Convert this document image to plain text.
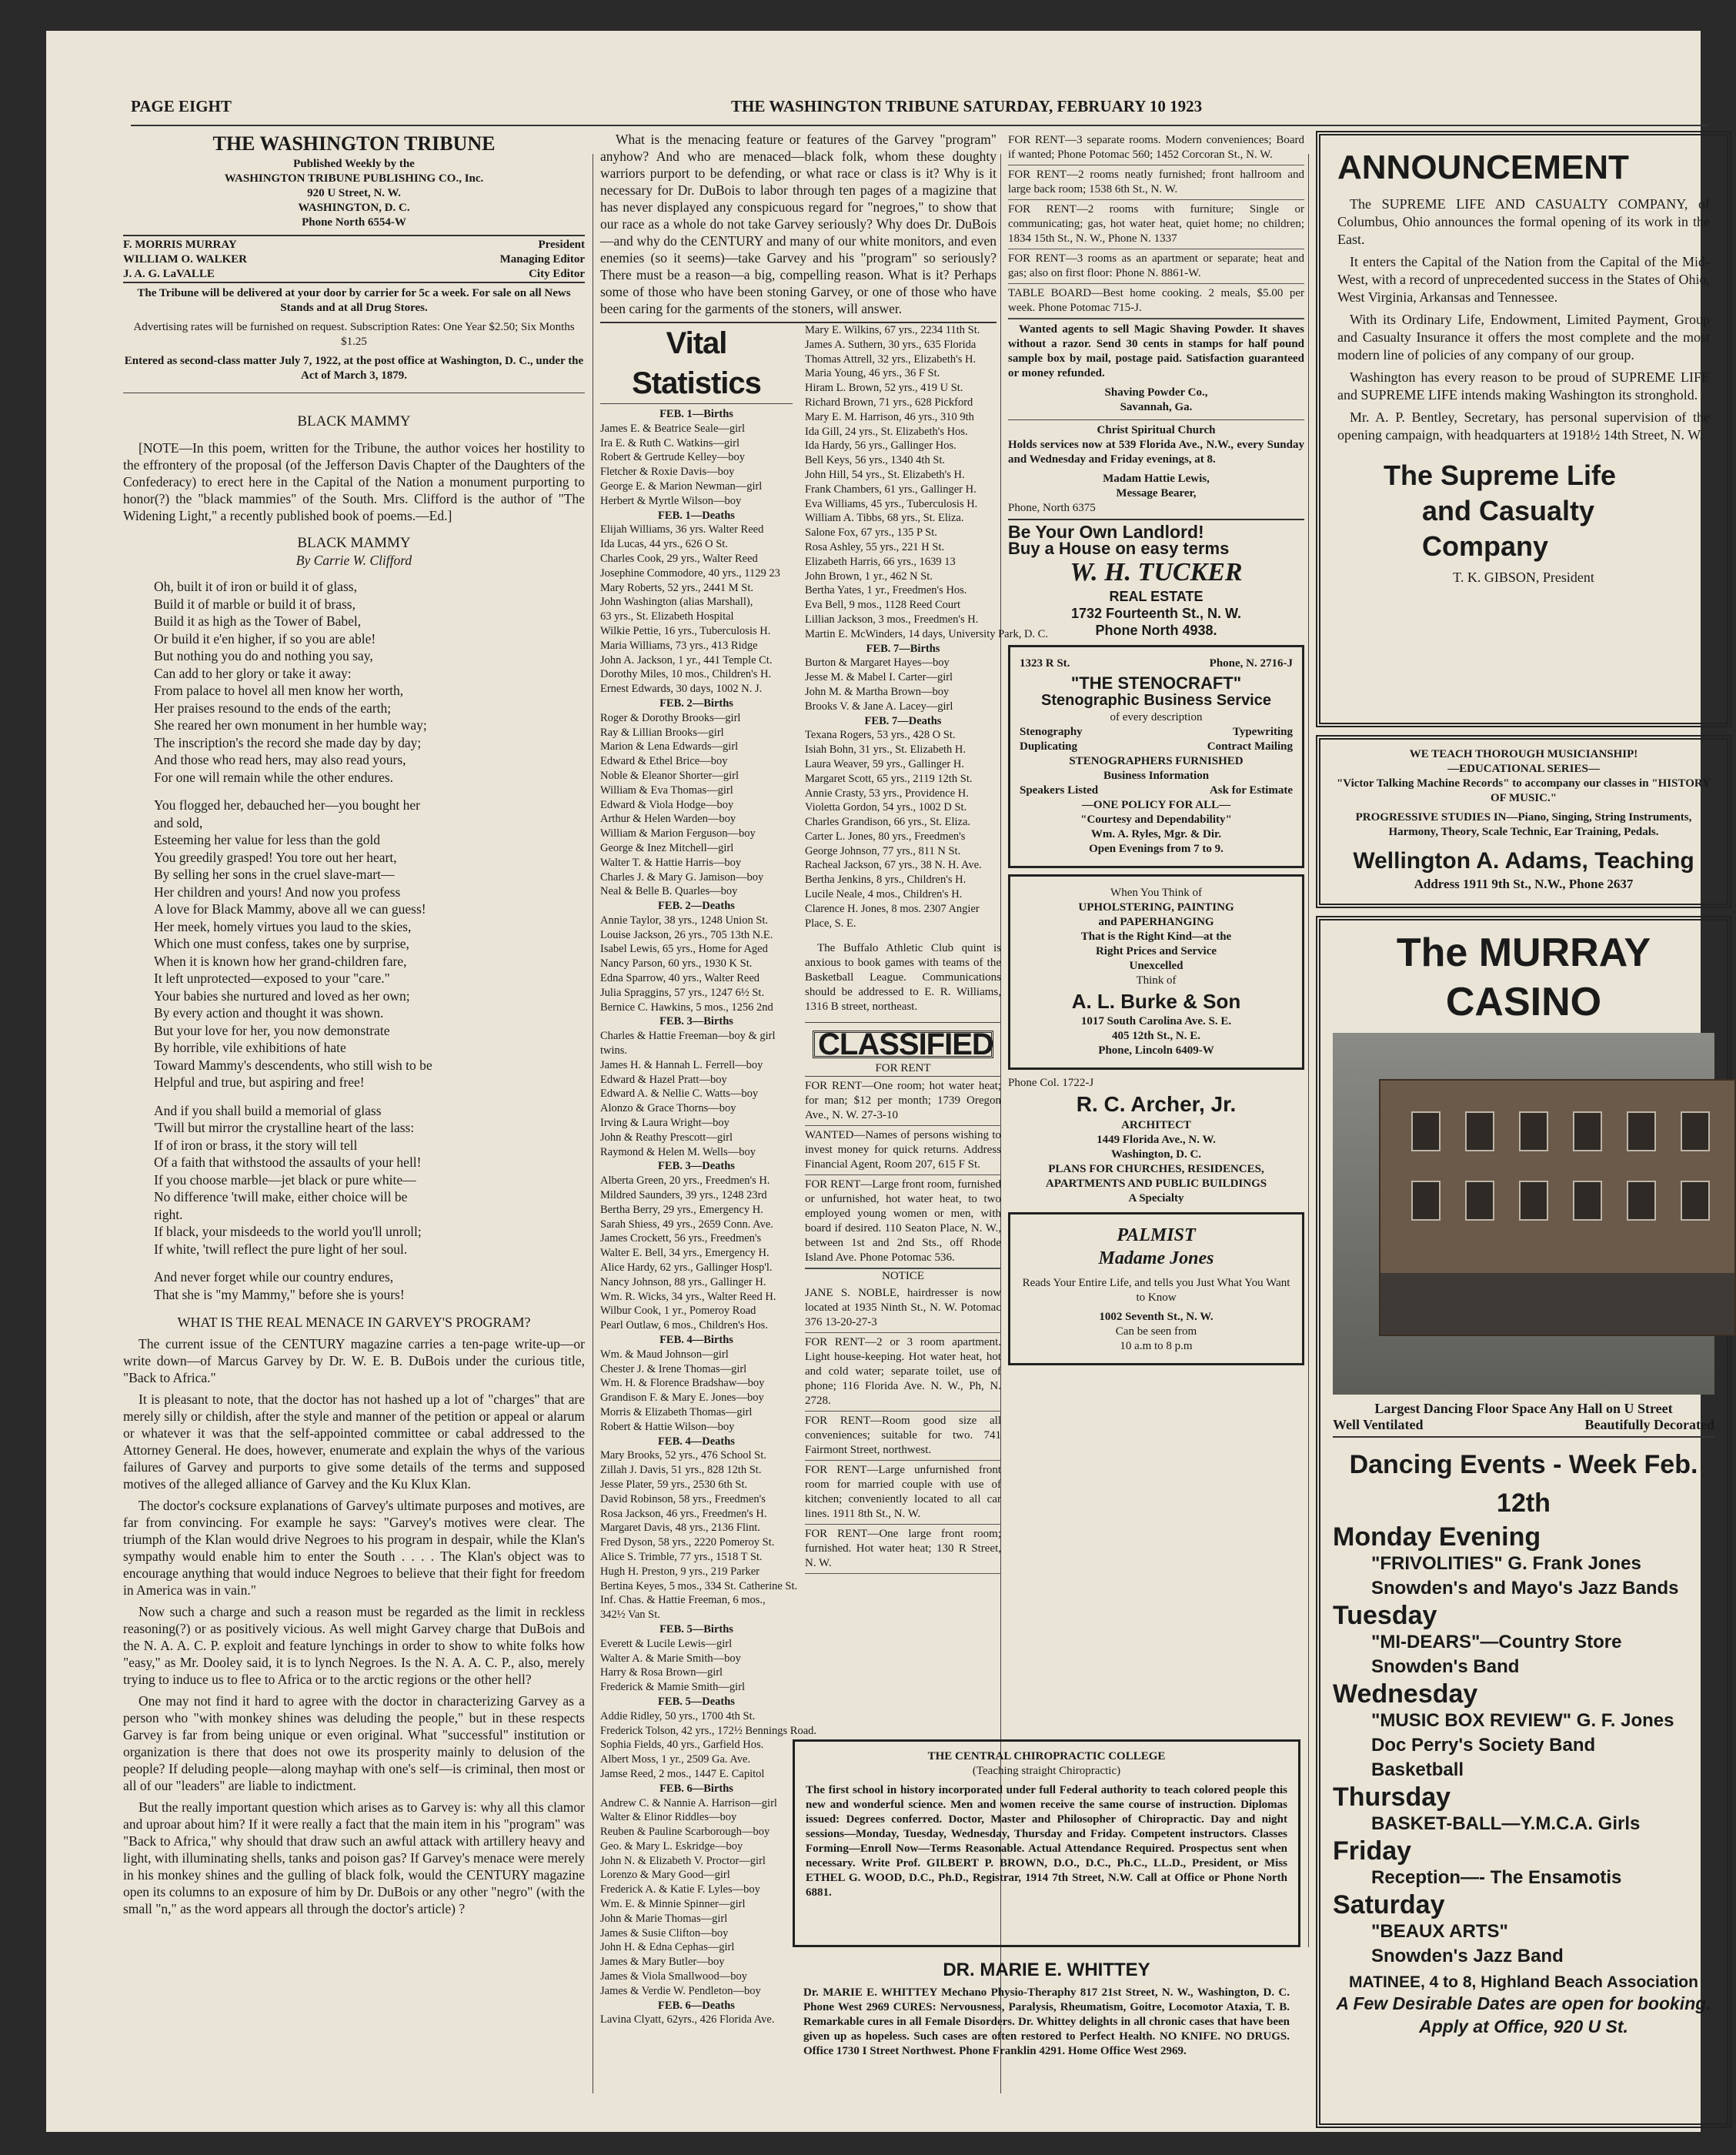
PAGE EIGHT	THE WASHINGTON TRIBUNE SATURDAY, FEBRUARY 10 1923
THE WASHINGTON TRIBUNE
Published Weekly by the
WASHINGTON TRIBUNE PUBLISHING CO., Inc.
920 U Street, N. W.
WASHINGTON, D. C.
Phone North 6554-W
F. MORRIS MURRAY	President
WILLIAM O. WALKER	Managing Editor
J. A. G. LaVALLE	City Editor

The Tribune will be delivered at your door by carrier for 5c a week. For sale on all News Stands and at all Drug Stores.

Advertising rates will be furnished on request. Subscription Rates: One Year $2.50; Six Months $1.25

Entered as second-class matter July 7, 1922, at the post office at Washington, D. C., under the Act of March 3, 1879.

BLACK MAMMY

[NOTE—In this poem, written for the Tribune, the author voices her hostility to the effrontery of the proposal (of the Jefferson Davis Chapter of the Daughters of the Confederacy) to erect here in the Capital of the Nation a monument purporting to honor(?) the "black mammies" of the South. Mrs. Clifford is the author of "The Widening Light," a recently published book of poems.—Ed.]

BLACK MAMMY
By Carrie W. Clifford
Oh, built it of iron or build it of glass,
Build it of marble or build it of brass,
Build it as high as the Tower of Babel,
Or build it e'en higher, if so you are able!
But nothing you do and nothing you say,
Can add to her glory or take it away:
From palace to hovel all men know her worth,
Her praises resound to the ends of the earth;
She reared her own monument in her humble way;
The inscription's the record she made day by day;
And those who read hers, may also read yours,
For one will remain while the other endures.
You flogged her, debauched her—you bought her
and sold,
Esteeming her value for less than the gold
You greedily grasped! You tore out her heart,
By selling her sons in the cruel slave-mart—
Her children and yours! And now you profess
A love for Black Mammy, above all we can guess!
Her meek, homely virtues you laud to the skies,
Which one must confess, takes one by surprise,
When it is known how her grand-children fare,
It left unprotected—exposed to your "care."
Your babies she nurtured and loved as her own;
By every action and thought it was shown.
But your love for her, you now demonstrate
By horrible, vile exhibitions of hate
Toward Mammy's descendents, who still wish to be
Helpful and true, but aspiring and free!
And if you shall build a memorial of glass
'Twill but mirror the crystalline heart of the lass:
If of iron or brass, it the story will tell
Of a faith that withstood the assaults of your hell!
If you choose marble—jet black or pure white—
No difference 'twill make, either choice will be
right.
If black, your misdeeds to the world you'll unroll;
If white, 'twill reflect the pure light of her soul.
And never forget while our country endures,
That she is "my Mammy," before she is yours!
WHAT IS THE REAL MENACE IN GARVEY'S PROGRAM?

The current issue of the CENTURY magazine carries a ten-page write-up—or write down—of Marcus Garvey by Dr. W. E. B. DuBois under the curious title, "Back to Africa."

It is pleasant to note, that the doctor has not hashed up a lot of "charges" that are merely silly or childish, after the style and manner of the petition or appeal or alarum or whatever it was that the self-appointed committee or cabal addressed to the Attorney General. He does, however, enumerate and explain the whys of the various failures of Garvey and purports to give some details of the terms and supposed motives of the alleged alliance of Garvey and the Ku Klux Klan.

The doctor's cocksure explanations of Garvey's ultimate purposes and motives, are far from convincing. For example he says: "Garvey's motives were clear. The triumph of the Klan would drive Negroes to his program in despair, while the Klan's sympathy would enable him to enter the South . . . . The Klan's object was to encourage anything that would induce Negroes to believe that their fight for freedom in America was in vain."

Now such a charge and such a reason must be regarded as the limit in reckless reasoning(?) or as positively vicious. As well might Garvey charge that DuBois and the N. A. A. C. P. exploit and feature lynchings in order to show to white folks how "easy," as Mr. Dooley said, it is to lynch Negroes. Is the N. A. A. C. P., also, merely trying to induce us to flee to Africa or to the arctic regions or the other hell?

One may not find it hard to agree with the doctor in characterizing Garvey as a person who "with monkey shines was deluding the people," but in these respects Garvey is far from being unique or even original. What "successful" institution or organization is there that does not owe its prosperity mainly to delusion of the people? If deluding people—along mayhap with one's self—is criminal, then most or all of our "leaders" are liable to indictment.

But the really important question which arises as to Garvey is: why all this clamor and uproar about him? If it were really a fact that the main item in his "program" was "Back to Africa," why should that draw such an awful attack with artillery heavy and light, with illuminating shells, tanks and poison gas? If Garvey's menace were merely in his monkey shines and the gulling of black folk, would the CENTURY magazine open its columns to an exposure of him by Dr. DuBois or any other "negro" (with the small "n," as the word appears all through the doctor's article) ?

What is the menacing feature or features of the Garvey "program" anyhow? And who are menaced—black folk, whom these doughty warriors purport to be defending, or what race or class is it? Why is it necessary for Dr. DuBois to labor through ten pages of a magizine that has never displayed any conspicuous regard for "negroes," to show that our race as a whole do not take Garvey seriously? Why does Dr. DuBois—and why do the CENTURY and many of our white monitors, and even enemies (so it seems)—take Garvey and his "program" so seriously? There must be a reason—a big, compelling reason. What is it? Perhaps some of those who have been stoning Garvey, or one of those who have been caring for the garments of the stoners, will answer.

Vital Statistics
FEB. 1—Births
James E. & Beatrice Seale—girl
Ira E. & Ruth C. Watkins—girl
Robert & Gertrude Kelley—boy
Fletcher & Roxie Davis—boy
George E. & Marion Newman—girl
Herbert & Myrtle Wilson—boy
FEB. 1—Deaths
Elijah Williams, 36 yrs. Walter Reed
Ida Lucas, 44 yrs., 626 O St.
Charles Cook, 29 yrs., Walter Reed
Josephine Commodore, 40 yrs., 1129 23
Mary Roberts, 52 yrs., 2441 M St.
John Washington (alias Marshall),
63 yrs., St. Elizabeth Hospital
Wilkie Pettie, 16 yrs., Tuberculosis H.
Maria Williams, 73 yrs., 413 Ridge
John A. Jackson, 1 yr., 441 Temple Ct.
Dorothy Miles, 10 mos., Children's H.
Ernest Edwards, 30 days, 1002 N. J.
FEB. 2—Births
Roger & Dorothy Brooks—girl
Ray & Lillian Brooks—girl
Marion & Lena Edwards—girl
Edward & Ethel Brice—boy
Noble & Eleanor Shorter—girl
William & Eva Thomas—girl
Edward & Viola Hodge—boy
Arthur & Helen Warden—boy
William & Marion Ferguson—boy
George & Inez Mitchell—girl
Walter T. & Hattie Harris—boy
Charles J. & Mary G. Jamison—boy
Neal & Belle B. Quarles—boy
FEB. 2—Deaths
Annie Taylor, 38 yrs., 1248 Union St.
Louise Jackson, 26 yrs., 705 13th N.E.
Isabel Lewis, 65 yrs., Home for Aged
Nancy Parson, 60 yrs., 1930 K St.
Edna Sparrow, 40 yrs., Walter Reed
Julia Spraggins, 57 yrs., 1247 6½ St.
Bernice C. Hawkins, 5 mos., 1256 2nd
FEB. 3—Births
Charles & Hattie Freeman—boy & girl
twins.
James H. & Hannah L. Ferrell—boy
Edward & Hazel Pratt—boy
Edward A. & Nellie C. Watts—boy
Alonzo & Grace Thorns—boy
Irving & Laura Wright—boy
John & Reathy Prescott—girl
Raymond & Helen M. Wells—boy
FEB. 3—Deaths
Alberta Green, 20 yrs., Freedmen's H.
Mildred Saunders, 39 yrs., 1248 23rd
Bertha Berry, 29 yrs., Emergency H.
Sarah Shiess, 49 yrs., 2659 Conn. Ave.
James Crockett, 56 yrs., Freedmen's
Walter E. Bell, 34 yrs., Emergency H.
Alice Hardy, 62 yrs., Gallinger Hosp'l.
Nancy Johnson, 88 yrs., Gallinger H.
Wm. R. Wicks, 34 yrs., Walter Reed H.
Wilbur Cook, 1 yr., Pomeroy Road
Pearl Outlaw, 6 mos., Children's Hos.
FEB. 4—Births
Wm. & Maud Johnson—girl
Chester J. & Irene Thomas—girl
Wm. H. & Florence Bradshaw—boy
Grandison F. & Mary E. Jones—boy
Morris & Elizabeth Thomas—girl
Robert & Hattie Wilson—boy
FEB. 4—Deaths
Mary Brooks, 52 yrs., 476 School St.
Zillah J. Davis, 51 yrs., 828 12th St.
Jesse Plater, 59 yrs., 2530 6th St.
David Robinson, 58 yrs., Freedmen's
Rosa Jackson, 46 yrs., Freedmen's H.
Margaret Davis, 48 yrs., 2136 Flint.
Fred Dyson, 58 yrs., 2220 Pomeroy St.
Alice S. Trimble, 77 yrs., 1518 T St.
Hugh H. Preston, 9 yrs., 219 Parker
Bertina Keyes, 5 mos., 334 St. Catherine St.
Inf. Chas. & Hattie Freeman, 6 mos.,
342½ Van St.
FEB. 5—Births
Everett & Lucile Lewis—girl
Walter A. & Marie Smith—boy
Harry & Rosa Brown—girl
Frederick & Mamie Smith—girl
FEB. 5—Deaths
Addie Ridley, 50 yrs., 1700 4th St.
Frederick Tolson, 42 yrs., 172½ Bennings Road.
Sophia Fields, 40 yrs., Garfield Hos.
Albert Moss, 1 yr., 2509 Ga. Ave.
Jamse Reed, 2 mos., 1447 E. Capitol
FEB. 6—Births
Andrew C. & Nannie A. Harrison—girl
Walter & Elinor Riddles—boy
Reuben & Pauline Scarborough—boy
Geo. & Mary L. Eskridge—boy
John N. & Elizabeth V. Proctor—girl
Lorenzo & Mary Good—girl
Frederick A. & Katie F. Lyles—boy
Wm. E. & Minnie Spinner—girl
John & Marie Thomas—girl
James & Susie Clifton—boy
John H. & Edna Cephas—girl
James & Mary Butler—boy
James & Viola Smallwood—boy
James & Verdie W. Pendleton—boy
FEB. 6—Deaths
Lavina Clyatt, 62yrs., 426 Florida Ave.
Mary E. Wilkins, 67 yrs., 2234 11th St.
James A. Suthern, 30 yrs., 635 Florida
Thomas Attrell, 32 yrs., Elizabeth's H.
Maria Young, 46 yrs., 36 F St.
Hiram L. Brown, 52 yrs., 419 U St.
Richard Brown, 71 yrs., 628 Pickford
Mary E. M. Harrison, 46 yrs., 310 9th
Ida Gill, 24 yrs., St. Elizabeth's Hos.
Ida Hardy, 56 yrs., Gallinger Hos.
Bell Keys, 56 yrs., 1340 4th St.
John Hill, 54 yrs., St. Elizabeth's H.
Frank Chambers, 61 yrs., Gallinger H.
Eva Williams, 45 yrs., Tuberculosis H.
William A. Tibbs, 68 yrs., St. Eliza.
Salone Fox, 67 yrs., 135 P St.
Rosa Ashley, 55 yrs., 221 H St.
Elizabeth Harris, 66 yrs., 1639 13
John Brown, 1 yr., 462 N St.
Bertha Yates, 1 yr., Freedmen's Hos.
Eva Bell, 9 mos., 1128 Reed Court
Lillian Jackson, 3 mos., Freedmen's H.
Martin E. McWinders, 14 days, University Park, D. C.
FEB. 7—Births
Burton & Margaret Hayes—boy
Jesse M. & Mabel I. Carter—girl
John M. & Martha Brown—boy
Brooks V. & Jane A. Lacey—girl
FEB. 7—Deaths
Texana Rogers, 53 yrs., 428 O St.
Isiah Bohn, 31 yrs., St. Elizabeth H.
Laura Weaver, 59 yrs., Gallinger H.
Margaret Scott, 65 yrs., 2119 12th St.
Annie Crasty, 53 yrs., Providence H.
Violetta Gordon, 54 yrs., 1002 D St.
Charles Grandison, 66 yrs., St. Eliza.
Carter L. Jones, 80 yrs., Freedmen's
George Johnson, 77 yrs., 811 N St.
Racheal Jackson, 67 yrs., 38 N. H. Ave.
Bertha Jenkins, 8 yrs., Children's H.
Lucile Neale, 4 mos., Children's H.
Clarence H. Jones, 8 mos. 2307 Angier
Place, S. E.

The Buffalo Athletic Club quint is anxious to book games with teams of the Basketball League. Communications should be addressed to E. R. Williams, 1316 B street, northeast.

CLASSIFIED
FOR RENT

FOR RENT—One room; hot water heat; for man; $12 per month; 1739 Oregon Ave., N. W. 27-3-10

WANTED—Names of persons wishing to invest money for quick returns. Address Financial Agent, Room 207, 615 F St.

FOR RENT—Large front room, furnished or unfurnished, hot water heat, to two employed young women or men, with board if desired. 110 Seaton Place, N. W., between 1st and 2nd Sts., off Rhode Island Ave. Phone Potomac 536.

NOTICE

JANE S. NOBLE, hairdresser is now located at 1935 Ninth St., N. W. Potomac 376 13-20-27-3

FOR RENT—2 or 3 room apartment. Light house-keeping. Hot water heat, hot and cold water; separate toilet, use of phone; 116 Florida Ave. N. W., Ph, N. 2728.

FOR RENT—Room good size all conveniences; suitable for two. 741 Fairmont Street, northwest.

FOR RENT—Large unfurnished front room for married couple with use of kitchen; conveniently located to all car lines. 1911 8th St., N. W.

FOR RENT—One large front room; furnished. Hot water heat; 130 R Street, N. W.

FOR RENT—3 separate rooms. Modern conveniences; Board if wanted; Phone Potomac 560; 1452 Corcoran St., N. W.

FOR RENT—2 rooms neatly furnished; front hallroom and large back room; 1538 6th St., N. W.

FOR RENT—2 rooms with furniture; Single or communicating; gas, hot water heat, quiet home; no children; 1834 15th St., N. W., Phone N. 1337

FOR RENT—3 rooms as an apartment or separate; heat and gas; also on first floor: Phone N. 8861-W.

TABLE BOARD—Best home cooking. 2 meals, $5.00 per week. Phone Potomac 715-J.

Wanted agents to sell Magic Shaving Powder. It shaves without a razor. Send 30 cents in stamps for half pound sample box by mail, postage paid. Satisfaction guaranteed or money refunded.

Shaving Powder Co.,
Savannah, Ga.
Christ Spiritual Church

Holds services now at 539 Florida Ave., N.W., every Sunday and Wednesday and Friday evenings, at 8.

Madam Hattie Lewis,
Message Bearer,
Phone, North 6375
Be Your Own Landlord!
Buy a House on easy terms
W. H. TUCKER
REAL ESTATE
1732 Fourteenth St., N. W.
Phone North 4938.
1323 R St.	Phone, N. 2716-J
"THE STENOCRAFT"
Stenographic Business Service
of every description
Stenography	Typewriting
Duplicating	Contract Mailing
STENOGRAPHERS FURNISHED
Business Information
Speakers Listed	Ask for Estimate
—ONE POLICY FOR ALL—
"Courtesy and Dependability"
Wm. A. Ryles, Mgr. & Dir.
Open Evenings from 7 to 9.
When You Think of
UPHOLSTERING, PAINTING
and PAPERHANGING
That is the Right Kind—at the
Right Prices and Service
Unexcelled
Think of
A. L. Burke & Son
1017 South Carolina Ave. S. E.
405 12th St., N. E.
Phone, Lincoln 6409-W
Phone Col. 1722-J
R. C. Archer, Jr.
ARCHITECT
1449 Florida Ave., N. W.
Washington, D. C.
PLANS FOR CHURCHES, RESIDENCES, APARTMENTS AND PUBLIC BUILDINGS
A Specialty
PALMIST
Madame Jones

Reads Your Entire Life, and tells you Just What You Want to Know

1002 Seventh St., N. W.
Can be seen from
10 a.m to 8 p.m
THE CENTRAL CHIROPRACTIC COLLEGE
(Teaching straight Chiropractic)

The first school in history incorporated under full Federal authority to teach colored people this new and wonderful science. Men and women receive the same course of instruction. Diplomas issued: Degrees conferred. Doctor, Master and Philosopher of Chiropractic. Day and night sessions—Monday, Tuesday, Wednesday, Thursday and Friday. Competent instructors. Classes Forming—Enroll Now—Terms Reasonable. Actual Attendance Required. Prospectus sent when necessary. Write Prof. GILBERT P. BROWN, D.O., D.C., Ph.C., LL.D., President, or Miss ETHEL G. WOOD, D.C., Ph.D., Registrar, 1914 7th Street, N.W. Call at Office or Phone North 6881.

DR. MARIE E. WHITTEY

Dr. MARIE E. WHITTEY Mechano Physio-Theraphy 817 21st Street, N. W., Washington, D. C. Phone West 2969 CURES: Nervousness, Paralysis, Rheumatism, Goitre, Locomotor Ataxia, T. B. Remarkable cures in all Female Disorders. Dr. Whittey delights in all chronic cases that have been given up as hopeless. Such cases are often restored to Perfect Health. NO KNIFE. NO DRUGS. Office 1730 I Street Northwest. Phone Franklin 4291. Home Office West 2969.

ANNOUNCEMENT

The SUPREME LIFE AND CASUALTY COMPANY, of Columbus, Ohio announces the formal opening of its work in the East.

It enters the Capital of the Nation from the Capital of the Mid-West, with a record of unprecedented success in the States of Ohio, West Virginia, Arkansas and Tennessee.

With its Ordinary Life, Endowment, Limited Payment, Group and Casualty Insurance it offers the most complete and the most modern line of policies of any company of our group.

Washington has every reason to be proud of SUPREME LIFE and SUPREME LIFE intends making Washington its stronghold.

Mr. A. P. Bentley, Secretary, has personal supervision of the opening campaign, with headquarters at 1918½ 14th Street, N. W.

The Supreme Life
and Casualty Company
T. K. GIBSON, President
WE TEACH THOROUGH MUSICIANSHIP!
—EDUCATIONAL SERIES—
"Victor Talking Machine Records" to accompany our classes in "HISTORY OF MUSIC."
PROGRESSIVE STUDIES IN—Piano, Singing, String Instruments, Harmony, Theory, Scale Technic, Ear Training, Pedals.
Wellington A. Adams, Teaching
Address 1911 9th St., N.W., Phone 2637
The MURRAY CASINO
Largest Dancing Floor Space Any Hall on U Street
Well Ventilated	Beautifully Decorated
Dancing Events - Week Feb. 12th
Monday Evening
"FRIVOLITIES" G. Frank Jones
Snowden's and Mayo's Jazz Bands
Tuesday
"MI-DEARS"—Country Store
Snowden's Band
Wednesday
"MUSIC BOX REVIEW" G. F. Jones
Doc Perry's Society Band
Basketball
Thursday
BASKET-BALL—Y.M.C.A. Girls
Friday
Reception—- The Ensamotis
Saturday
"BEAUX ARTS"
Snowden's Jazz Band
MATINEE, 4 to 8, Highland Beach Association
A Few Desirable Dates are open for booking. Apply at Office, 920 U St.
